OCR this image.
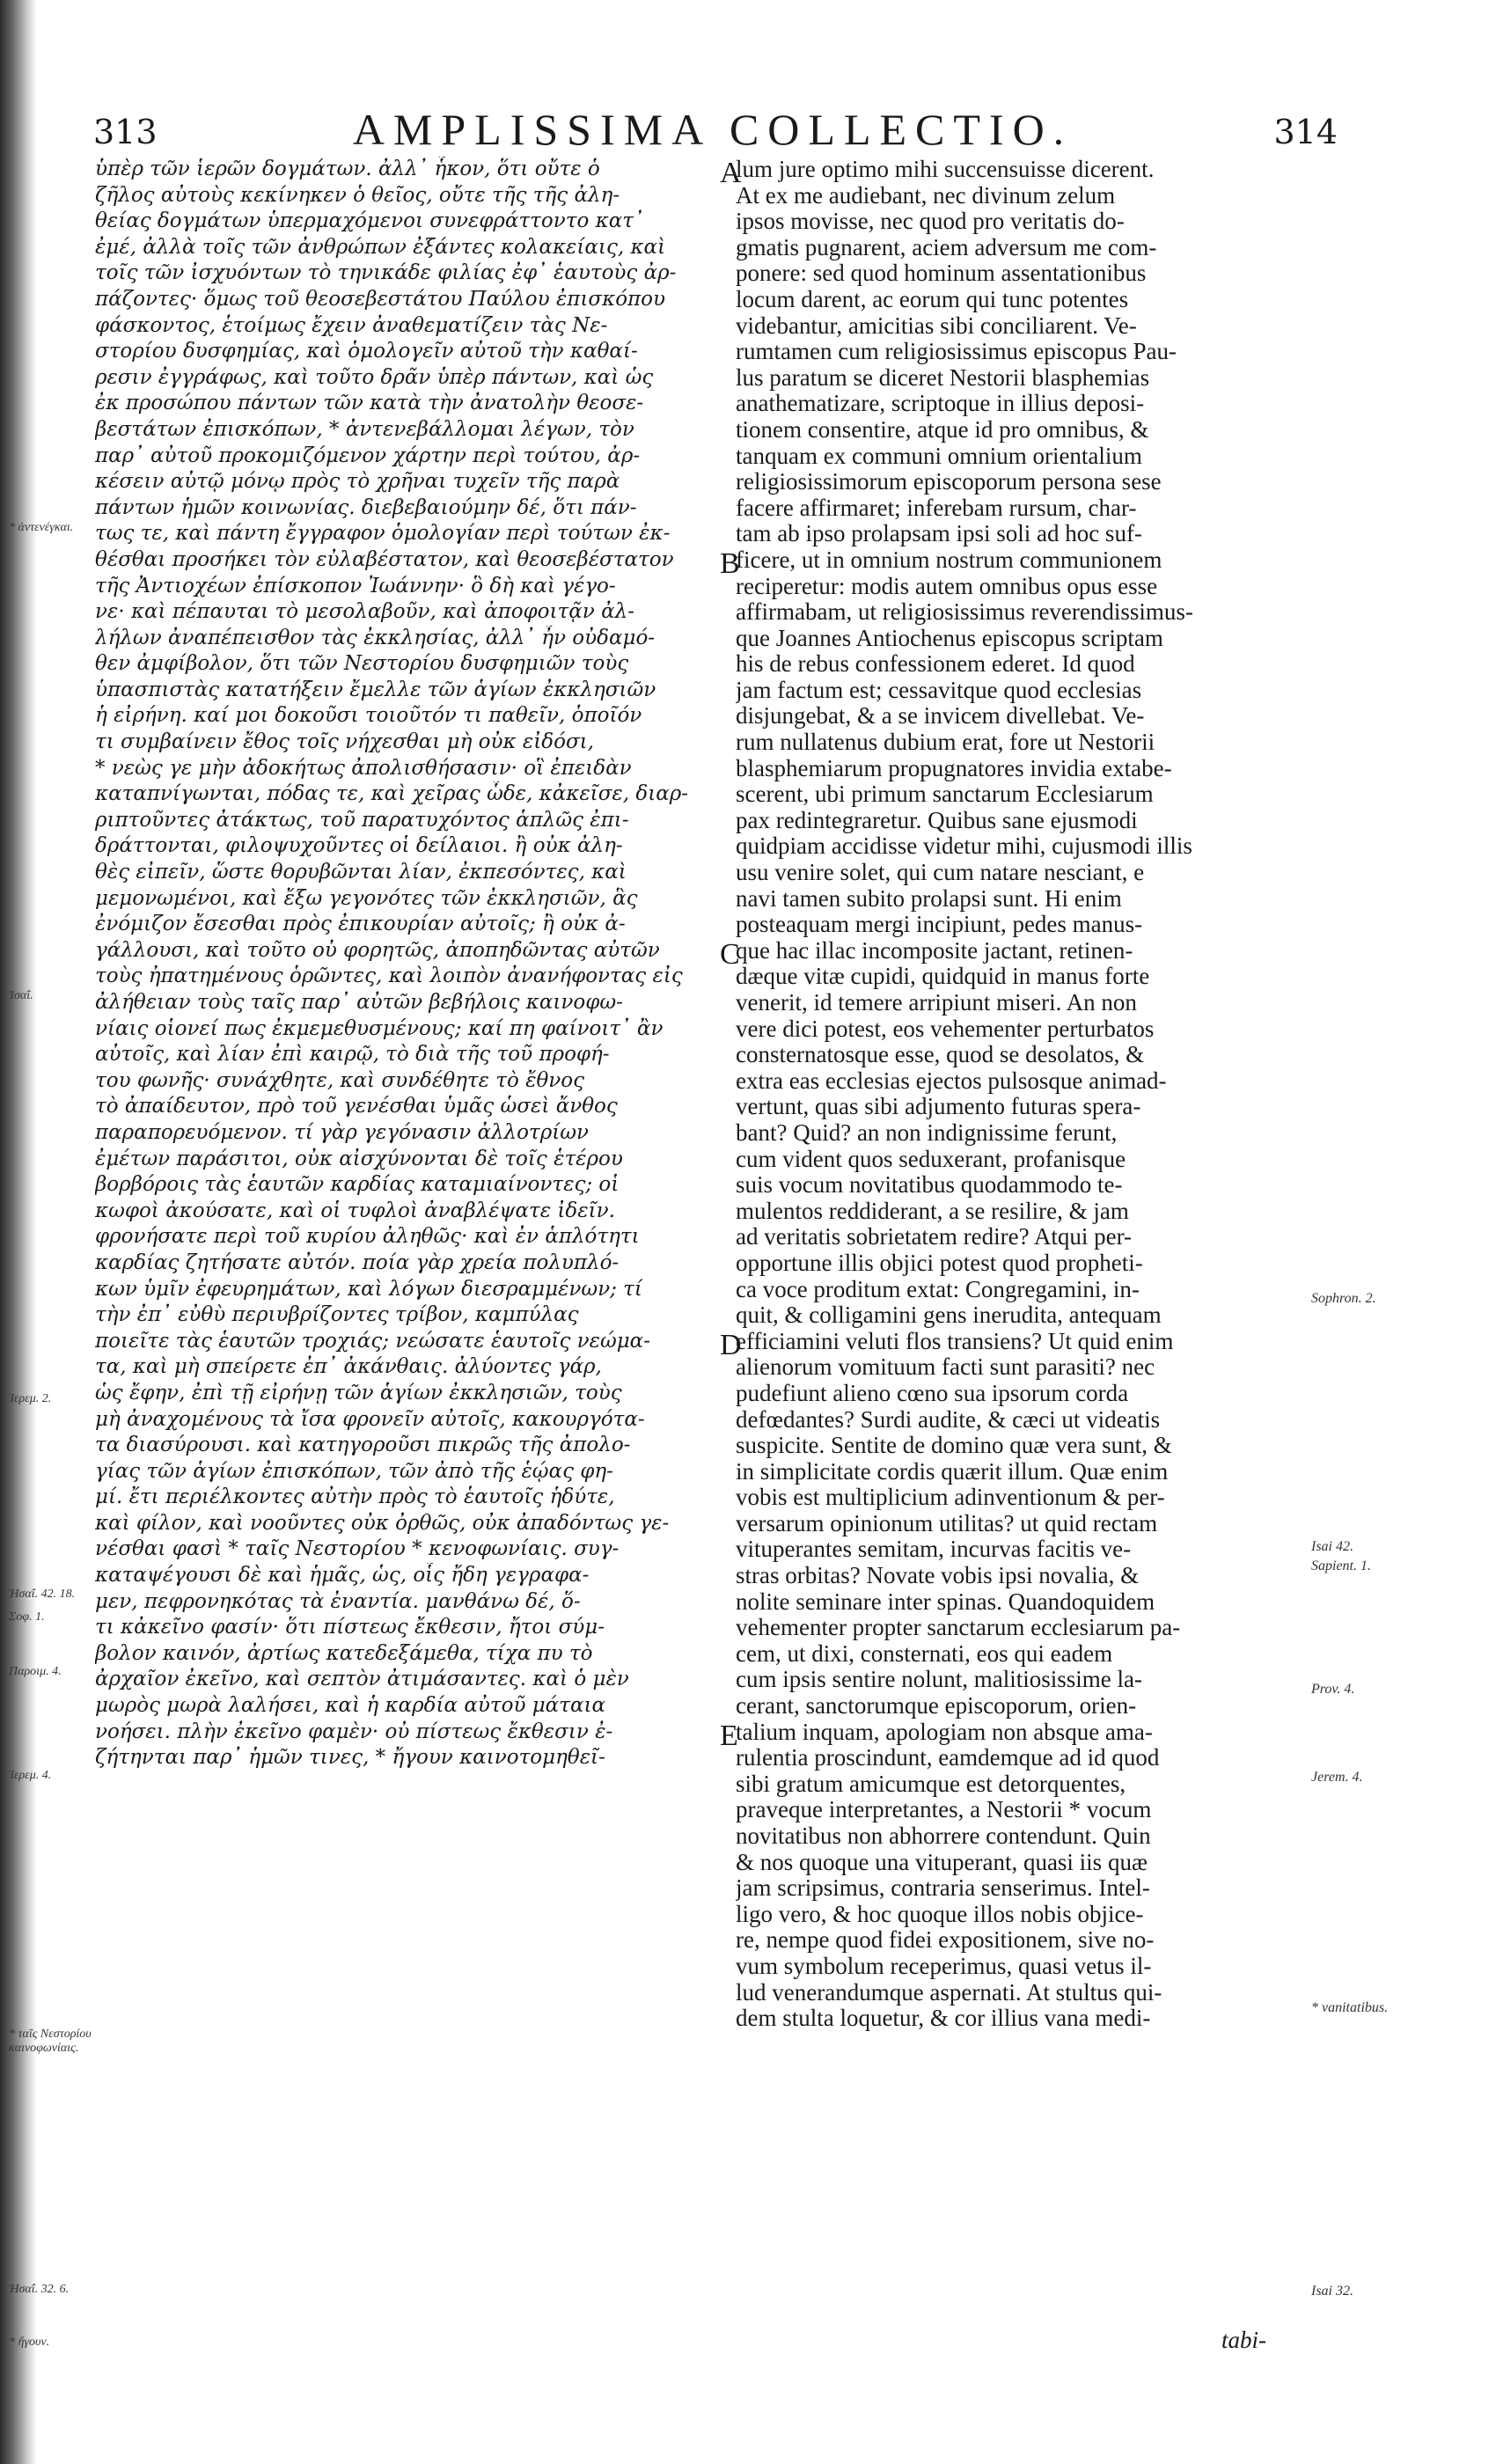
313	AMPLISSIMA COLLECTIO.	314
ὑπὲρ τῶν ἱερῶν δογμάτων. ἀλλ᾿ ἧκον, ὅτι οὔτε ὁ
ζῆλος αὐτοὺς κεκίνηκεν ὁ θεῖος, οὔτε τῆς τῆς ἀλη-
θείας δογμάτων ὑπερμαχόμενοι συνεφράττοντο κατ᾿
ἐμέ, ἀλλὰ τοῖς τῶν ἀνθρώπων ἐξάντες κολακείαις, καὶ
τοῖς τῶν ἰσχυόντων τὸ τηνικάδε φιλίας ἐφ᾿ ἑαυτοὺς ἀρ-
πάζοντες· ὅμως τοῦ θεοσεβεστάτου Παύλου ἐπισκόπου
φάσκοντος, ἑτοίμως ἔχειν ἀναθεματίζειν τὰς Νε-
στορίου δυσφημίας, καὶ ὁμολογεῖν αὐτοῦ τὴν καθαί-
ρεσιν ἐγγράφως, καὶ τοῦτο δρᾶν ὑπὲρ πάντων, καὶ ὡς
ἐκ προσώπου πάντων τῶν κατὰ τὴν ἀνατολὴν θεοσε-
βεστάτων ἐπισκόπων, * ἀντενεβάλλομαι λέγων, τὸν
παρ᾿ αὐτοῦ προκομιζόμενον χάρτην περὶ τούτου, ἀρ-
κέσειν αὐτῷ μόνῳ πρὸς τὸ χρῆναι τυχεῖν τῆς παρὰ
πάντων ἡμῶν κοινωνίας. διεβεβαιούμην δέ, ὅτι πάν-
τως τε, καὶ πάντη ἔγγραφον ὁμολογίαν περὶ τούτων ἐκ-
θέσθαι προσήκει τὸν εὐλαβέστατον, καὶ θεοσεβέστατον
τῆς Ἀντιοχέων ἐπίσκοπον Ἰωάννην· ὃ δὴ καὶ γέγο-
νε· καὶ πέπαυται τὸ μεσολαβοῦν, καὶ ἀποφοιτᾷν ἀλ-
λήλων ἀναπέπεισθον τὰς ἐκκλησίας, ἀλλ᾿ ἦν οὐδαμό-
θεν ἀμφίβολον, ὅτι τῶν Νεστορίου δυσφημιῶν τοὺς
ὑπασπιστὰς κατατήξειν ἔμελλε τῶν ἁγίων ἐκκλησιῶν
ἡ εἰρήνη. καί μοι δοκοῦσι τοιοῦτόν τι παθεῖν, ὁποῖόν
τι συμβαίνειν ἔθος τοῖς νήχεσθαι μὴ οὐκ εἰδόσι,
* νεὼς γε μὴν ἀδοκήτως ἀπολισθήσασιν· οἳ ἐπειδὰν
καταπνίγωνται, πόδας τε, καὶ χεῖρας ὧδε, κἀκεῖσε, διαρ-
ριπτοῦντες ἀτάκτως, τοῦ παρατυχόντος ἁπλῶς ἐπι-
δράττονται, φιλοψυχοῦντες οἱ δείλαιοι. ἢ οὐκ ἀλη-
θὲς εἰπεῖν, ὥστε θορυβῶνται λίαν, ἐκπεσόντες, καὶ
μεμονωμένοι, καὶ ἔξω γεγονότες τῶν ἐκκλησιῶν, ἃς
ἐνόμιζον ἔσεσθαι πρὸς ἐπικουρίαν αὐτοῖς; ἢ οὐκ ἀ-
γάλλουσι, καὶ τοῦτο οὐ φορητῶς, ἀποπηδῶντας αὐτῶν
τοὺς ἠπατημένους ὁρῶντες, καὶ λοιπὸν ἀνανήφοντας εἰς
ἀλήθειαν τοὺς ταῖς παρ᾿ αὐτῶν βεβήλοις καινοφω-
νίαις οἱονεί πως ἐκμεμεθυσμένους; καί πη φαίνοιτ᾿ ἂν
αὐτοῖς, καὶ λίαν ἐπὶ καιρῷ, τὸ διὰ τῆς τοῦ προφή-
του φωνῆς· συνάχθητε, καὶ συνδέθητε τὸ ἔθνος
τὸ ἀπαίδευτον, πρὸ τοῦ γενέσθαι ὑμᾶς ὡσεὶ ἄνθος
παραπορευόμενον. τί γὰρ γεγόνασιν ἀλλοτρίων
ἐμέτων παράσιτοι, οὐκ αἰσχύνονται δὲ τοῖς ἑτέρου
βορβόροις τὰς ἑαυτῶν καρδίας καταμιαίνοντες; οἱ
κωφοὶ ἀκούσατε, καὶ οἱ τυφλοὶ ἀναβλέψατε ἰδεῖν.
φρονήσατε περὶ τοῦ κυρίου ἀληθῶς· καὶ ἐν ἁπλότητι
καρδίας ζητήσατε αὐτόν. ποία γὰρ χρεία πολυπλό-
κων ὑμῖν ἐφευρημάτων, καὶ λόγων διεσραμμένων; τί
τὴν ἐπ᾿ εὐθὺ περιυβρίζοντες τρίβον, καμπύλας
ποιεῖτε τὰς ἑαυτῶν τροχιάς; νεώσατε ἑαυτοῖς νεώμα-
τα, καὶ μὴ σπείρετε ἐπ᾿ ἀκάνθαις. ἀλύοντες γάρ,
ὡς ἔφην, ἐπὶ τῇ εἰρήνῃ τῶν ἁγίων ἐκκλησιῶν, τοὺς
μὴ ἀναχομένους τὰ ἴσα φρονεῖν αὐτοῖς, κακουργότα-
τα διασύρουσι. καὶ κατηγοροῦσι πικρῶς τῆς ἀπολο-
γίας τῶν ἁγίων ἐπισκόπων, τῶν ἀπὸ τῆς ἑῴας φη-
μί. ἔτι περιέλκοντες αὐτὴν πρὸς τὸ ἑαυτοῖς ἡδύτε,
καὶ φίλον, καὶ νοοῦντες οὐκ ὀρθῶς, οὐκ ἀπαδόντως γε-
νέσθαι φασὶ * ταῖς Νεστορίου * κενοφωνίαις. συγ-
καταψέγουσι δὲ καὶ ἡμᾶς, ὡς, οἷς ἤδη γεγραφα-
μεν, πεφρονηκότας τὰ ἐναντία. μανθάνω δέ, ὅ-
τι κἀκεῖνο φασίν· ὅτι πίστεως ἔκθεσιν, ἤτοι σύμ-
βολον καινόν, ἀρτίως κατεδεξάμεθα, τίχα πυ τὸ
ἀρχαῖον ἐκεῖνο, καὶ σεπτὸν ἀτιμάσαντες. καὶ ὁ μὲν
μωρὸς μωρὰ λαλήσει, καὶ ἡ καρδία αὐτοῦ μάταια
νοήσει. πλὴν ἐκεῖνο φαμὲν· οὐ πίστεως ἔκθεσιν ἐ-
ζήτηνται παρ᾿ ἡμῶν τινες, * ἤγουν καινοτομηθεῖ-
lum jure optimo mihi succensuisse dicerent.
At ex me audiebant, nec divinum zelum
ipsos movisse, nec quod pro veritatis do-
gmatis pugnarent, aciem adversum me com-
ponere: sed quod hominum assentationibus
locum darent, ac eorum qui tunc potentes
videbantur, amicitias sibi conciliarent. Ve-
rumtamen cum religiosissimus episcopus Pau-
lus paratum se diceret Nestorii blasphemias
anathematizare, scriptoque in illius deposi-
tionem consentire, atque id pro omnibus, &
tanquam ex communi omnium orientalium
religiosissimorum episcoporum persona sese
facere affirmaret; inferebam rursum, char-
tam ab ipso prolapsam ipsi soli ad hoc suf-
ficere, ut in omnium nostrum communionem
reciperetur: modis autem omnibus opus esse
affirmabam, ut religiosissimus reverendissimus-
que Joannes Antiochenus episcopus scriptam
his de rebus confessionem ederet. Id quod
jam factum est; cessavitque quod ecclesias
disjungebat, & a se invicem divellebat. Ve-
rum nullatenus dubium erat, fore ut Nestorii
blasphemiarum propugnatores invidia extabe-
scerent, ubi primum sanctarum Ecclesiarum
pax redintegraretur. Quibus sane ejusmodi
quidpiam accidisse videtur mihi, cujusmodi illis
usu venire solet, qui cum natare nesciant, e
navi tamen subito prolapsi sunt. Hi enim
posteaquam mergi incipiunt, pedes manus-
que hac illac incomposite jactant, retinen-
dæque vitæ cupidi, quidquid in manus forte
venerit, id temere arripiunt miseri. An non
vere dici potest, eos vehementer perturbatos
consternatosque esse, quod se desolatos, &
extra eas ecclesias ejectos pulsosque animad-
vertunt, quas sibi adjumento futuras spera-
bant? Quid? an non indignissime ferunt,
cum vident quos seduxerant, profanisque
suis vocum novitatibus quodammodo te-
mulentos reddiderant, a se resilire, & jam
ad veritatis sobrietatem redire? Atqui per-
opportune illis objici potest quod propheti-
ca voce proditum extat: Congregamini, in-
quit, & colligamini gens inerudita, antequam
efficiamini veluti flos transiens? Ut quid enim
alienorum vomituum facti sunt parasiti? nec
pudefiunt alieno cœno sua ipsorum corda
defœdantes? Surdi audite, & cæci ut videatis
suspicite. Sentite de domino quæ vera sunt, &
in simplicitate cordis quærit illum. Quæ enim
vobis est multiplicium adinventionum & per-
versarum opinionum utilitas? ut quid rectam
vituperantes semitam, incurvas facitis ve-
stras orbitas? Novate vobis ipsi novalia, &
nolite seminare inter spinas. Quandoquidem
vehementer propter sanctarum ecclesiarum pa-
cem, ut dixi, consternati, eos qui eadem
cum ipsis sentire nolunt, malitiosissime la-
cerant, sanctorumque episcoporum, orien-
talium inquam, apologiam non absque ama-
rulentia proscindunt, eamdemque ad id quod
sibi gratum amicumque est detorquentes,
praveque interpretantes, a Nestorii * vocum
novitatibus non abhorrere contendunt. Quin
& nos quoque una vituperant, quasi iis quæ
jam scripsimus, contraria senserimus. Intel-
ligo vero, & hoc quoque illos nobis objice-
re, nempe quod fidei expositionem, sive no-
vum symbolum receperimus, quasi vetus il-
lud venerandumque aspernati. At stultus qui-
dem stulta loquetur, & cor illius vana medi-
A
B
C
D
E
* ἀντενέγκαι.
Ἰσαΐ.
Ἱερεμ. 2.
Ἡσαΐ. 42. 18.
Σοφ. 1.
Παροιμ. 4.
Ἱερεμ. 4.
* ταῖς Νεστορίου καινοφωνίαις.
Ἡσαΐ. 32. 6.
* ἤγουν.
Sophron. 2.
Isai 42.
Sapient. 1.
Prov. 4.
Jerem. 4.
* vanitatibus.
Isai 32.
tabi-
